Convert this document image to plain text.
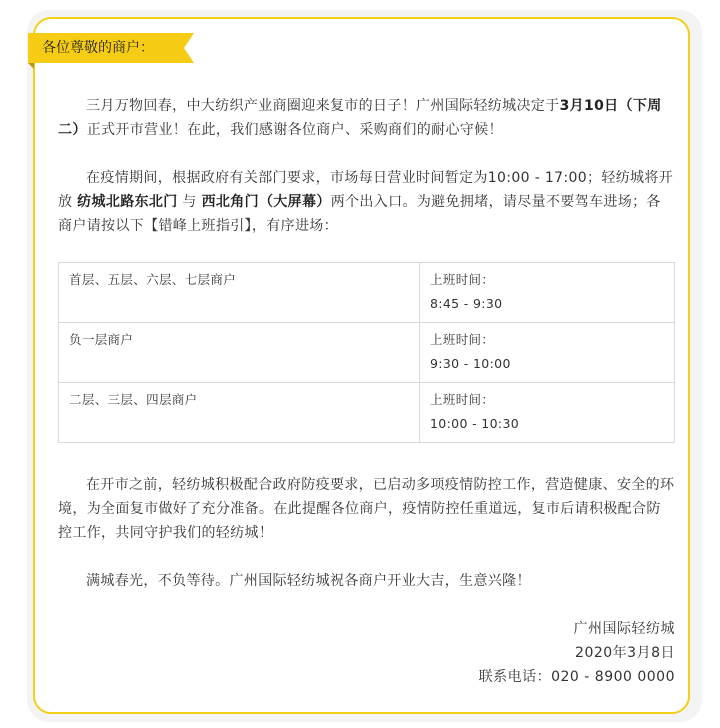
各位尊敬的商户：

三月万物回春，中大纺织产业商圈迎来复市的日子！广州国际轻纺城决定于3月10日（下周二）正式开市营业！在此，我们感谢各位商户、采购商们的耐心守候！

在疫情期间，根据政府有关部门要求，市场每日营业时间暂定为10:00 - 17:00；轻纺城将开放 纺城北路东北门 与 西北角门（大屏幕）两个出入口。为避免拥堵，请尽量不要驾车进场；各商户请按以下【错峰上班指引】，有序进场：

首层、五层、六层、七层商户	上班时间：
8:45 - 9:30

负一层商户	上班时间：
9:30 - 10:00

二层、三层、四层商户	上班时间：
10:00 - 10:30

在开市之前，轻纺城积极配合政府防疫要求，已启动多项疫情防控工作，营造健康、安全的环境，为全面复市做好了充分准备。在此提醒各位商户，疫情防控任重道远，复市后请积极配合防控工作，共同守护我们的轻纺城！

满城春光，不负等待。广州国际轻纺城祝各商户开业大吉，生意兴隆！

广州国际轻纺城
2020年3月8日
联系电话：020 - 8900 0000
